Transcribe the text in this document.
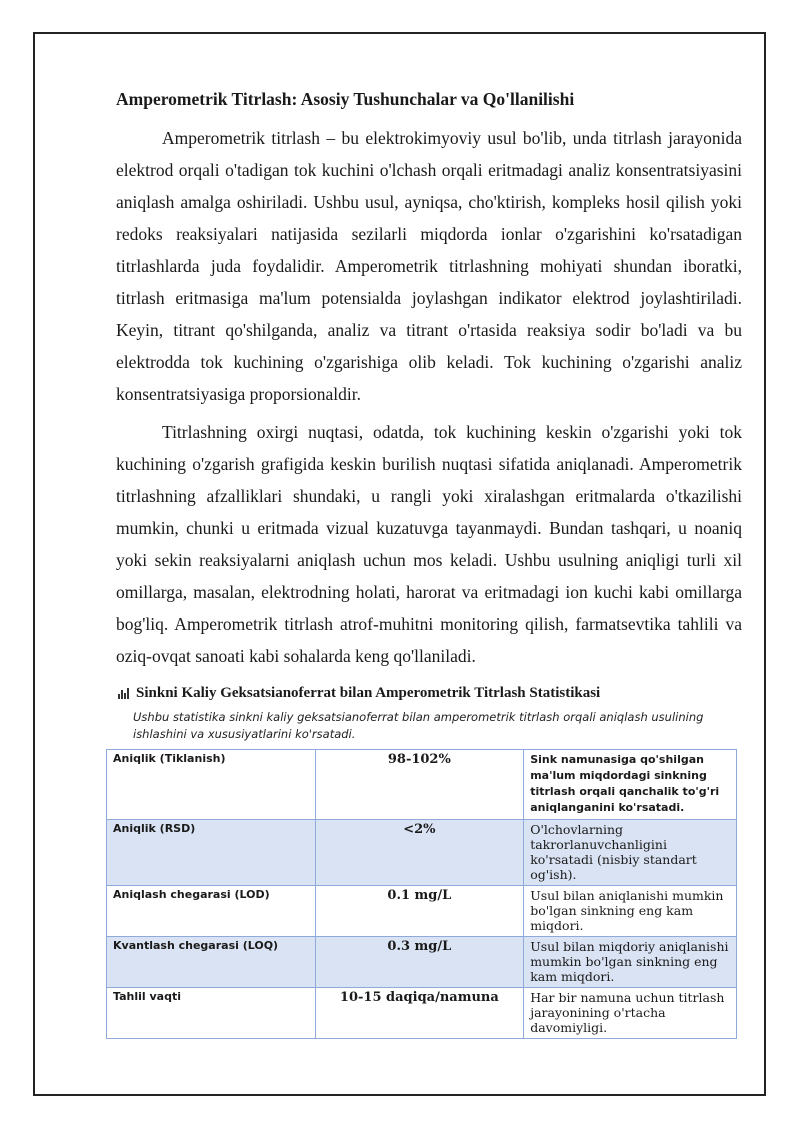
Amperometrik Titrlash: Asosiy Tushunchalar va Qo'llanilishi

Amperometrik titrlash – bu elektrokimyoviy usul bo'lib, unda titrlash jarayonida elektrod orqali o'tadigan tok kuchini o'lchash orqali eritmadagi analiz konsentratsiyasini aniqlash amalga oshiriladi. Ushbu usul, ayniqsa, cho'ktirish, kompleks hosil qilish yoki redoks reaksiyalari natijasida sezilarli miqdorda ionlar o'zgarishini ko'rsatadigan titrlashlarda juda foydalidir. Amperometrik titrlashning mohiyati shundan iboratki, titrlash eritmasiga ma'lum potensialda joylashgan indikator elektrod joylashtiriladi. Keyin, titrant qo'shilganda, analiz va titrant o'rtasida reaksiya sodir bo'ladi va bu elektrodda tok kuchining o'zgarishiga olib keladi. Tok kuchining o'zgarishi analiz konsentratsiyasiga proporsionaldir.

Titrlashning oxirgi nuqtasi, odatda, tok kuchining keskin o'zgarishi yoki tok kuchining o'zgarish grafigida keskin burilish nuqtasi sifatida aniqlanadi. Amperometrik titrlashning afzalliklari shundaki, u rangli yoki xiralashgan eritmalarda o'tkazilishi mumkin, chunki u eritmada vizual kuzatuvga tayanmaydi. Bundan tashqari, u noaniq yoki sekin reaksiyalarni aniqlash uchun mos keladi. Ushbu usulning aniqligi turli xil omillarga, masalan, elektrodning holati, harorat va eritmadagi ion kuchi kabi omillarga bog'liq. Amperometrik titrlash atrof-muhitni monitoring qilish, farmatsevtika tahlili va oziq-ovqat sanoati kabi sohalarda keng qo'llaniladi.

Sinkni Kaliy Geksatsianoferrat bilan Amperometrik Titrlash Statistikasi
Ushbu statistika sinkni kaliy geksatsianoferrat bilan amperometrik titrlash orqali aniqlash usulining ishlashini va xususiyatlarini ko'rsatadi.
Aniqlik (Tiklanish)	98-102%	Sink namunasiga qo'shilgan ma'lum miqdordagi sinkning titrlash orqali qanchalik to'g'ri aniqlanganini ko'rsatadi.
Aniqlik (RSD)	<2%	O'lchovlarning takrorlanuvchanligini ko'rsatadi (nisbiy standart og'ish).
Aniqlash chegarasi (LOD)	0.1 mg/L	Usul bilan aniqlanishi mumkin bo'lgan sinkning eng kam miqdori.
Kvantlash chegarasi (LOQ)	0.3 mg/L	Usul bilan miqdoriy aniqlanishi mumkin bo'lgan sinkning eng kam miqdori.
Tahlil vaqti	10-15 daqiqa/namuna	Har bir namuna uchun titrlash jarayonining o'rtacha davomiyligi.
